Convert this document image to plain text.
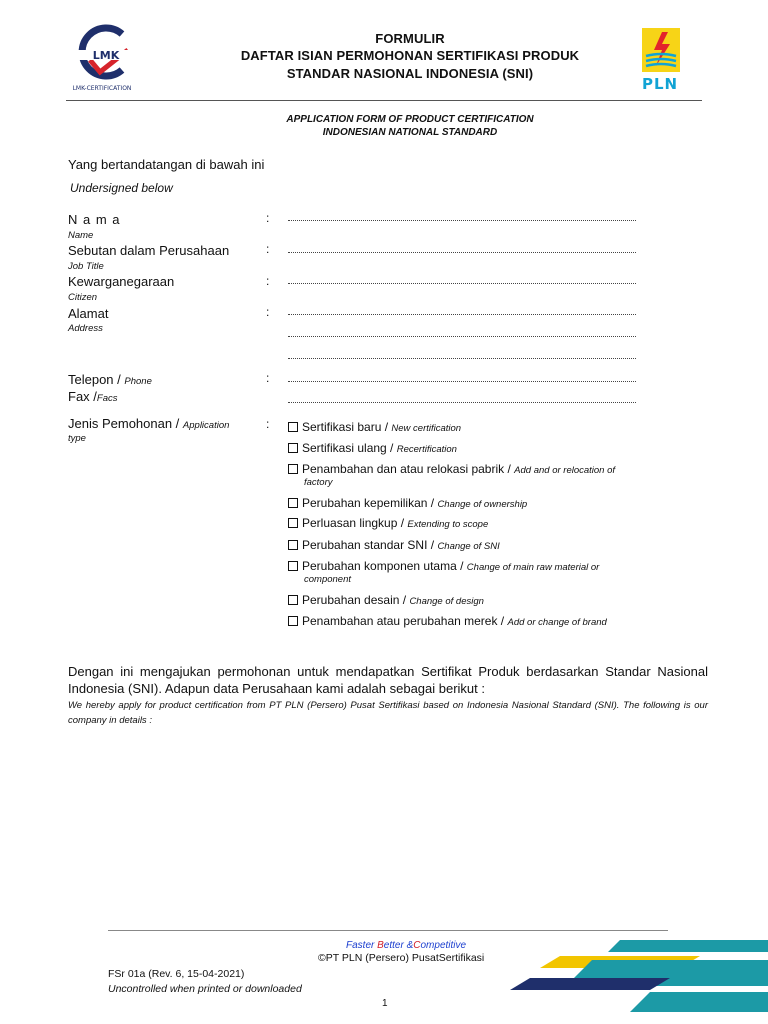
LMK
LMK-CERTIFICATION	PLN
FORMULIR
DAFTAR ISIAN PERMOHONAN SERTIFIKASI PRODUK
STANDAR NASIONAL INDONESIA (SNI)
APPLICATION FORM OF PRODUCT CERTIFICATION
INDONESIAN NATIONAL STANDARD
Yang bertandatangan di bawah ini
Undersigned below
N a m a
Name
:
Sebutan dalam Perusahaan
Job Title
:
Kewarganegaraan
Citizen
:
Alamat
Address
:
Telepon / Phone	:
Fax /Facs
Jenis Pemohonan / Application
type
:	Sertifikasi baru / New certification
Sertifikasi ulang / Recertification
Penambahan dan atau relokasi pabrik / Add and or relocation of
factory
Perubahan kepemilikan / Change of ownership
Perluasan lingkup / Extending to scope
Perubahan standar SNI / Change of SNI
Perubahan komponen utama / Change of main raw material or
component
Perubahan desain / Change of design
Penambahan atau perubahan merek / Add or change of brand
Dengan ini mengajukan permohonan untuk mendapatkan Sertifikat Produk berdasarkan Standar Nasional Indonesia (SNI). Adapun data Perusahaan kami adalah sebagai berikut :
We hereby apply for product certification from PT PLN (Persero) Pusat Sertifikasi based on Indonesia Nasional Standard (SNI). The following is our company in details :
Faster Better &Competitive
©PT PLN (Persero) PusatSertifikasi
FSr 01a (Rev. 6, 15-04-2021)
Uncontrolled when printed or downloaded
1
